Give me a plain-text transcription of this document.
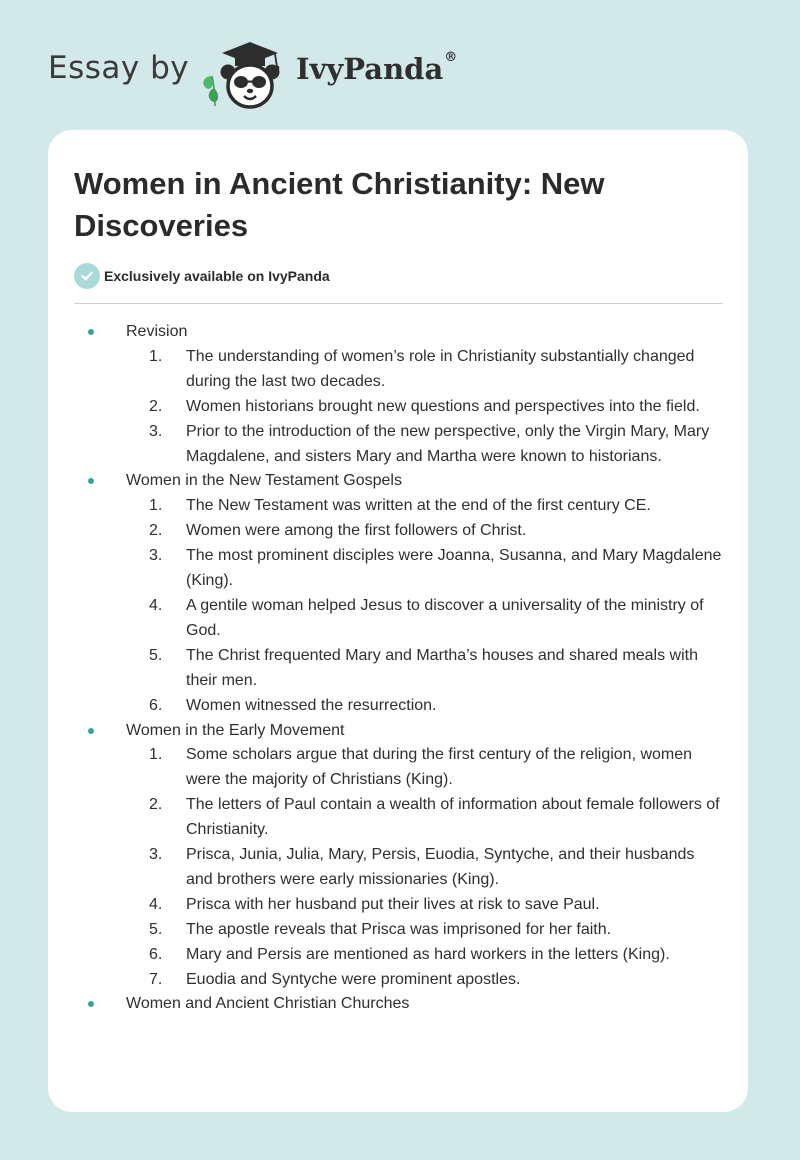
Essay by	IvyPanda®
Women in Ancient Christianity: New Discoveries
Exclusively available on IvyPanda
Revision
1. The understanding of women’s role in Christianity substantially changed during the last two decades.
2. Women historians brought new questions and perspectives into the field.
3. Prior to the introduction of the new perspective, only the Virgin Mary, Mary Magdalene, and sisters Mary and Martha were known to historians.
Women in the New Testament Gospels
1. The New Testament was written at the end of the first century CE.
2. Women were among the first followers of Christ.
3. The most prominent disciples were Joanna, Susanna, and Mary Magdalene (King).
4. A gentile woman helped Jesus to discover a universality of the ministry of God.
5. The Christ frequented Mary and Martha’s houses and shared meals with their men.
6. Women witnessed the resurrection.
Women in the Early Movement
1. Some scholars argue that during the first century of the religion, women were the majority of Christians (King).
2. The letters of Paul contain a wealth of information about female followers of Christianity.
3. Prisca, Junia, Julia, Mary, Persis, Euodia, Syntyche, and their husbands and brothers were early missionaries (King).
4. Prisca with her husband put their lives at risk to save Paul.
5. The apostle reveals that Prisca was imprisoned for her faith.
6. Mary and Persis are mentioned as hard workers in the letters (King).
7. Euodia and Syntyche were prominent apostles.
Women and Ancient Christian Churches
